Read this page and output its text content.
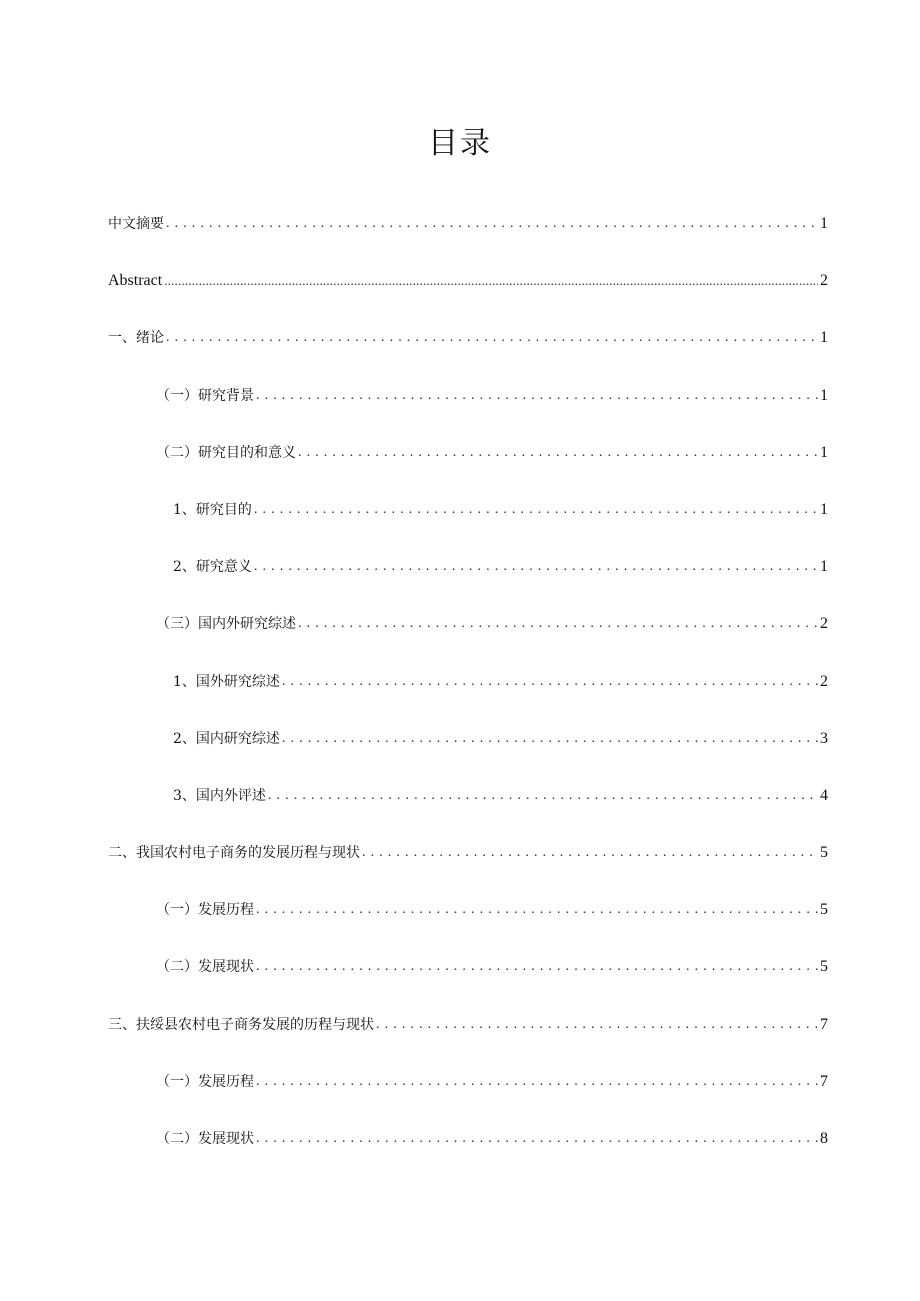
目录
中文摘要 . . .	1
Abstract .....	2
一、绪论 . . .	1
（一）研究背景 . . .	1
（二）研究目的和意义 . . .	1
1、研究目的 . . .	1
2、研究意义 . . .	1
（三）国内外研究综述 . . .	2
1、国外研究综述 . . .	2
2、国内研究综述 . . .	3
3、国内外评述 . . .	4
二、我国农村电子商务的发展历程与现状 . . .	5
（一）发展历程 . . .	5
（二）发展现状 . . .	5
三、扶绥县农村电子商务发展的历程与现状 . . .	7
（一）发展历程 . . .	7
（二）发展现状 . . .	8
